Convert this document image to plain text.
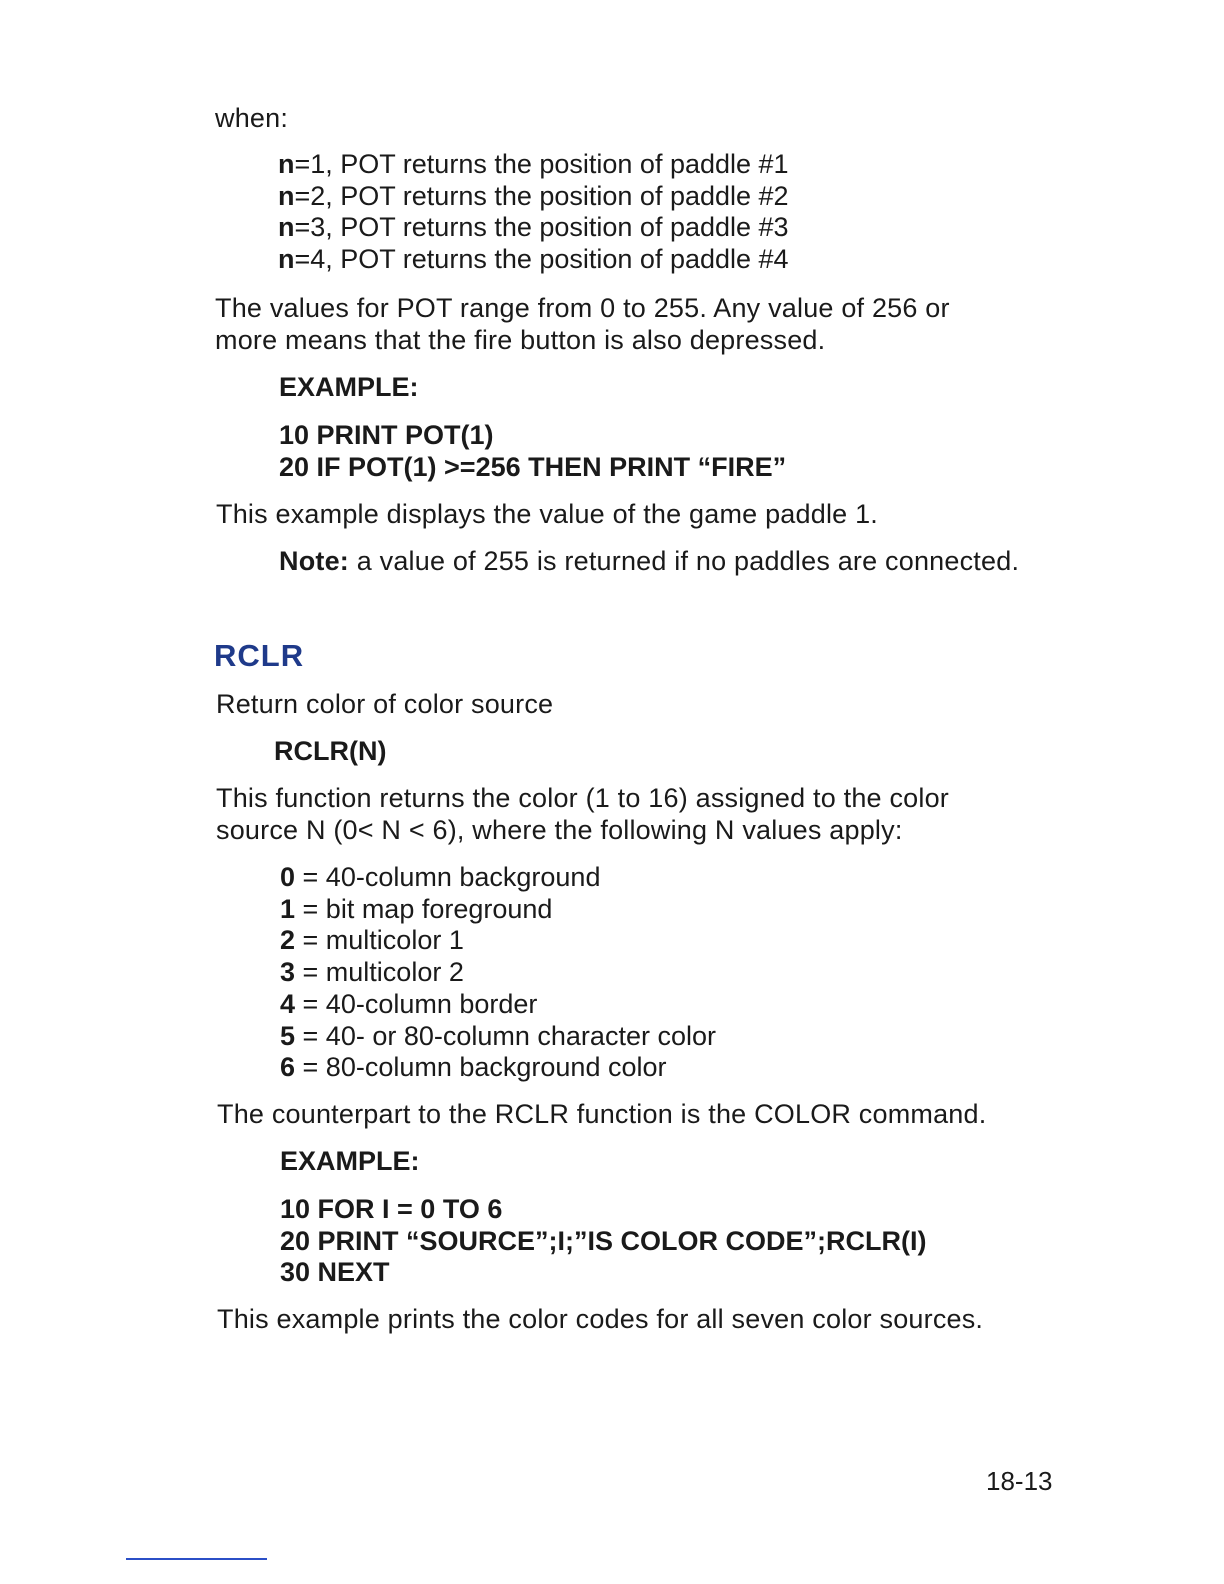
when:
n=1, POT returns the position of paddle #1
n=2, POT returns the position of paddle #2
n=3, POT returns the position of paddle #3
n=4, POT returns the position of paddle #4
The values for POT range from 0 to 255. Any value of 256 or
more means that the fire button is also depressed.
EXAMPLE:
10 PRINT POT(1)
20 IF POT(1) >=256 THEN PRINT “FIRE”
This example displays the value of the game paddle 1.
Note: a value of 255 is returned if no paddles are connected.
RCLR
Return color of color source
RCLR(N)
This function returns the color (1 to 16) assigned to the color
source N (0< N < 6), where the following N values apply:
0 = 40-column background
1 = bit map foreground
2 = multicolor 1
3 = multicolor 2
4 = 40-column border
5 = 40- or 80-column character color
6 = 80-column background color
The counterpart to the RCLR function is the COLOR command.
EXAMPLE:
10 FOR I = 0 TO 6
20 PRINT “SOURCE”;I;”IS COLOR CODE”;RCLR(I)
30 NEXT
This example prints the color codes for all seven color sources.
18-13
